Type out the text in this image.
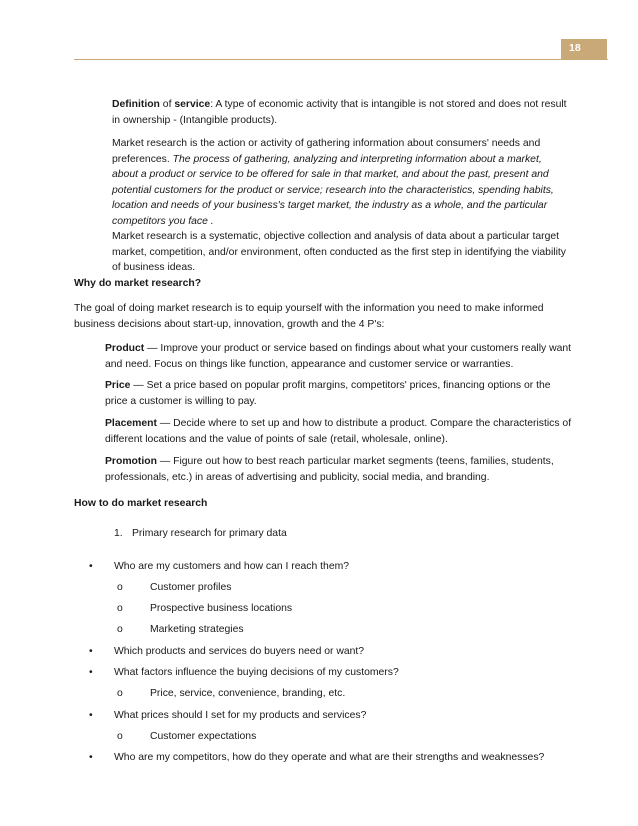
18

Definition of service: A type of economic activity that is intangible is not stored and does not result in ownership - (Intangible products).

Market research is the action or activity of gathering information about consumers' needs and preferences. The process of gathering, analyzing and interpreting information about a market, about a product or service to be offered for sale in that market, and about the past, present and potential customers for the product or service; research into the characteristics, spending habits, location and needs of your business's target market, the industry as a whole, and the particular competitors you face .

Market research is a systematic, objective collection and analysis of data about a particular target market, competition, and/or environment, often conducted as the first step in identifying the viability of business ideas.

Why do market research?

The goal of doing market research is to equip yourself with the information you need to make informed business decisions about start-up, innovation, growth and the 4 P's:

Product — Improve your product or service based on findings about what your customers really want and need. Focus on things like function, appearance and customer service or warranties.

Price — Set a price based on popular profit margins, competitors' prices, financing options or the price a customer is willing to pay.

Placement — Decide where to set up and how to distribute a product. Compare the characteristics of different locations and the value of points of sale (retail, wholesale, online).

Promotion — Figure out how to best reach particular market segments (teens, families, students, professionals, etc.) in areas of advertising and publicity, social media, and branding.

How to do market research

1. Primary research for primary data
• Who are my customers and how can I reach them?
o	Customer profiles
o	Prospective business locations
o	Marketing strategies
• Which products and services do buyers need or want?
• What factors influence the buying decisions of my customers?
o	Price, service, convenience, branding, etc.
• What prices should I set for my products and services?
o	Customer expectations
• Who are my competitors, how do they operate and what are their strengths and weaknesses?
